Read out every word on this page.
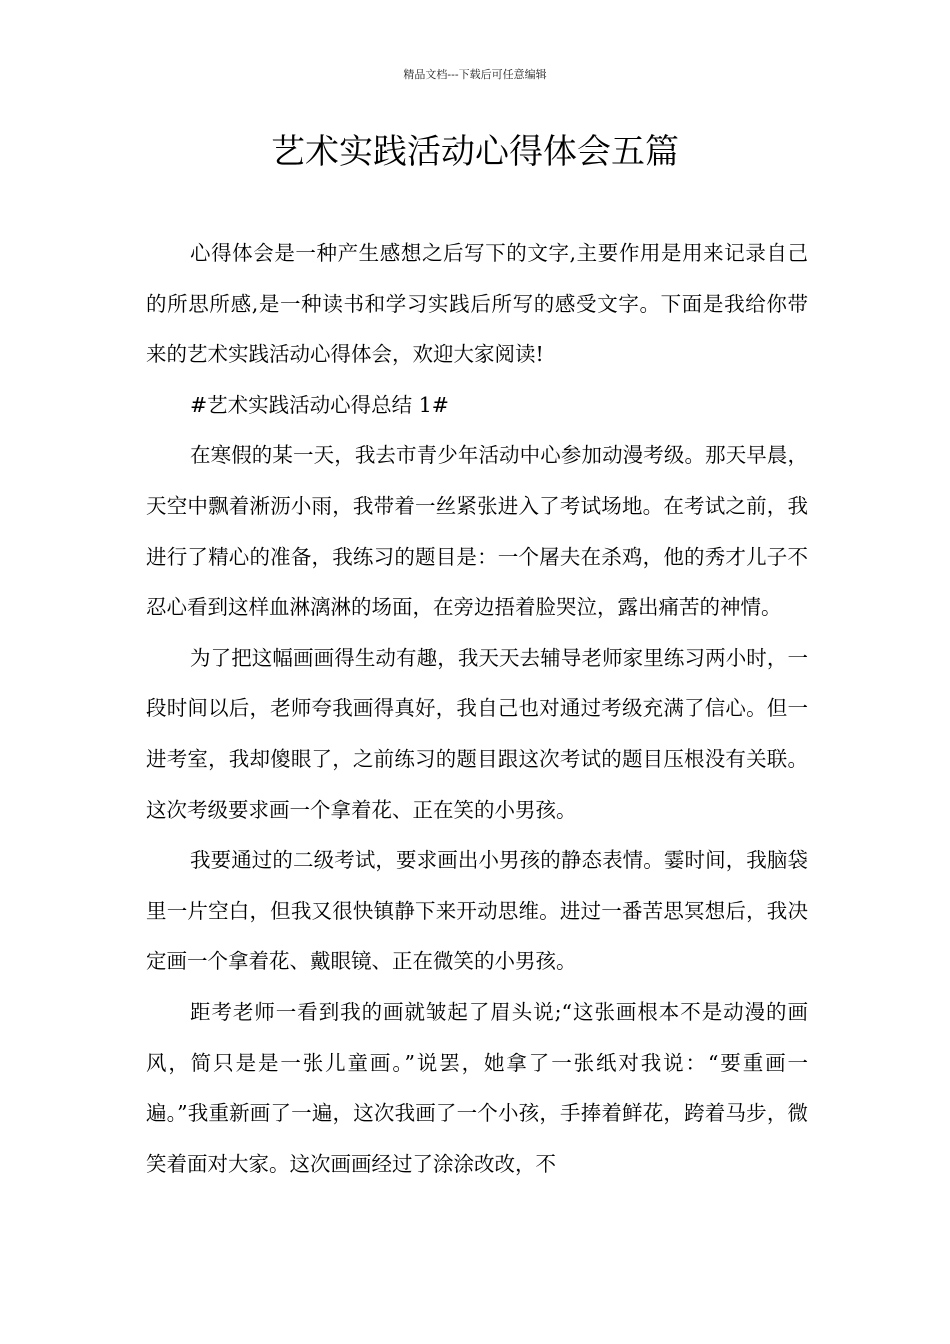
精品文档---下载后可任意编辑
艺术实践活动心得体会五篇

心得体会是一种产生感想之后写下的文字,主要作用是用来记录自己的所思所感,是一种读书和学习实践后所写的感受文字。下面是我给你带来的艺术实践活动心得体会，欢迎大家阅读!

#艺术实践活动心得总结 1#

在寒假的某一天，我去市青少年活动中心参加动漫考级。那天早晨，天空中飘着淅沥小雨，我带着一丝紧张进入了考试场地。在考试之前，我进行了精心的准备，我练习的题目是：一个屠夫在杀鸡，他的秀才儿子不忍心看到这样血淋漓淋的场面，在旁边捂着脸哭泣，露出痛苦的神情。

为了把这幅画画得生动有趣，我天天去辅导老师家里练习两小时，一段时间以后，老师夸我画得真好，我自己也对通过考级充满了信心。但一进考室，我却傻眼了，之前练习的题目跟这次考试的题目压根没有关联。这次考级要求画一个拿着花、正在笑的小男孩。

我要通过的二级考试，要求画出小男孩的静态表情。霎时间，我脑袋里一片空白，但我又很快镇静下来开动思维。进过一番苦思冥想后，我决定画一个拿着花、戴眼镜、正在微笑的小男孩。

距考老师一看到我的画就皱起了眉头说;“这张画根本不是动漫的画风，简只是是一张儿童画。”说罢，她拿了一张纸对我说：“要重画一遍。”我重新画了一遍，这次我画了一个小孩，手捧着鲜花，跨着马步，微笑着面对大家。这次画画经过了涂涂改改，不
